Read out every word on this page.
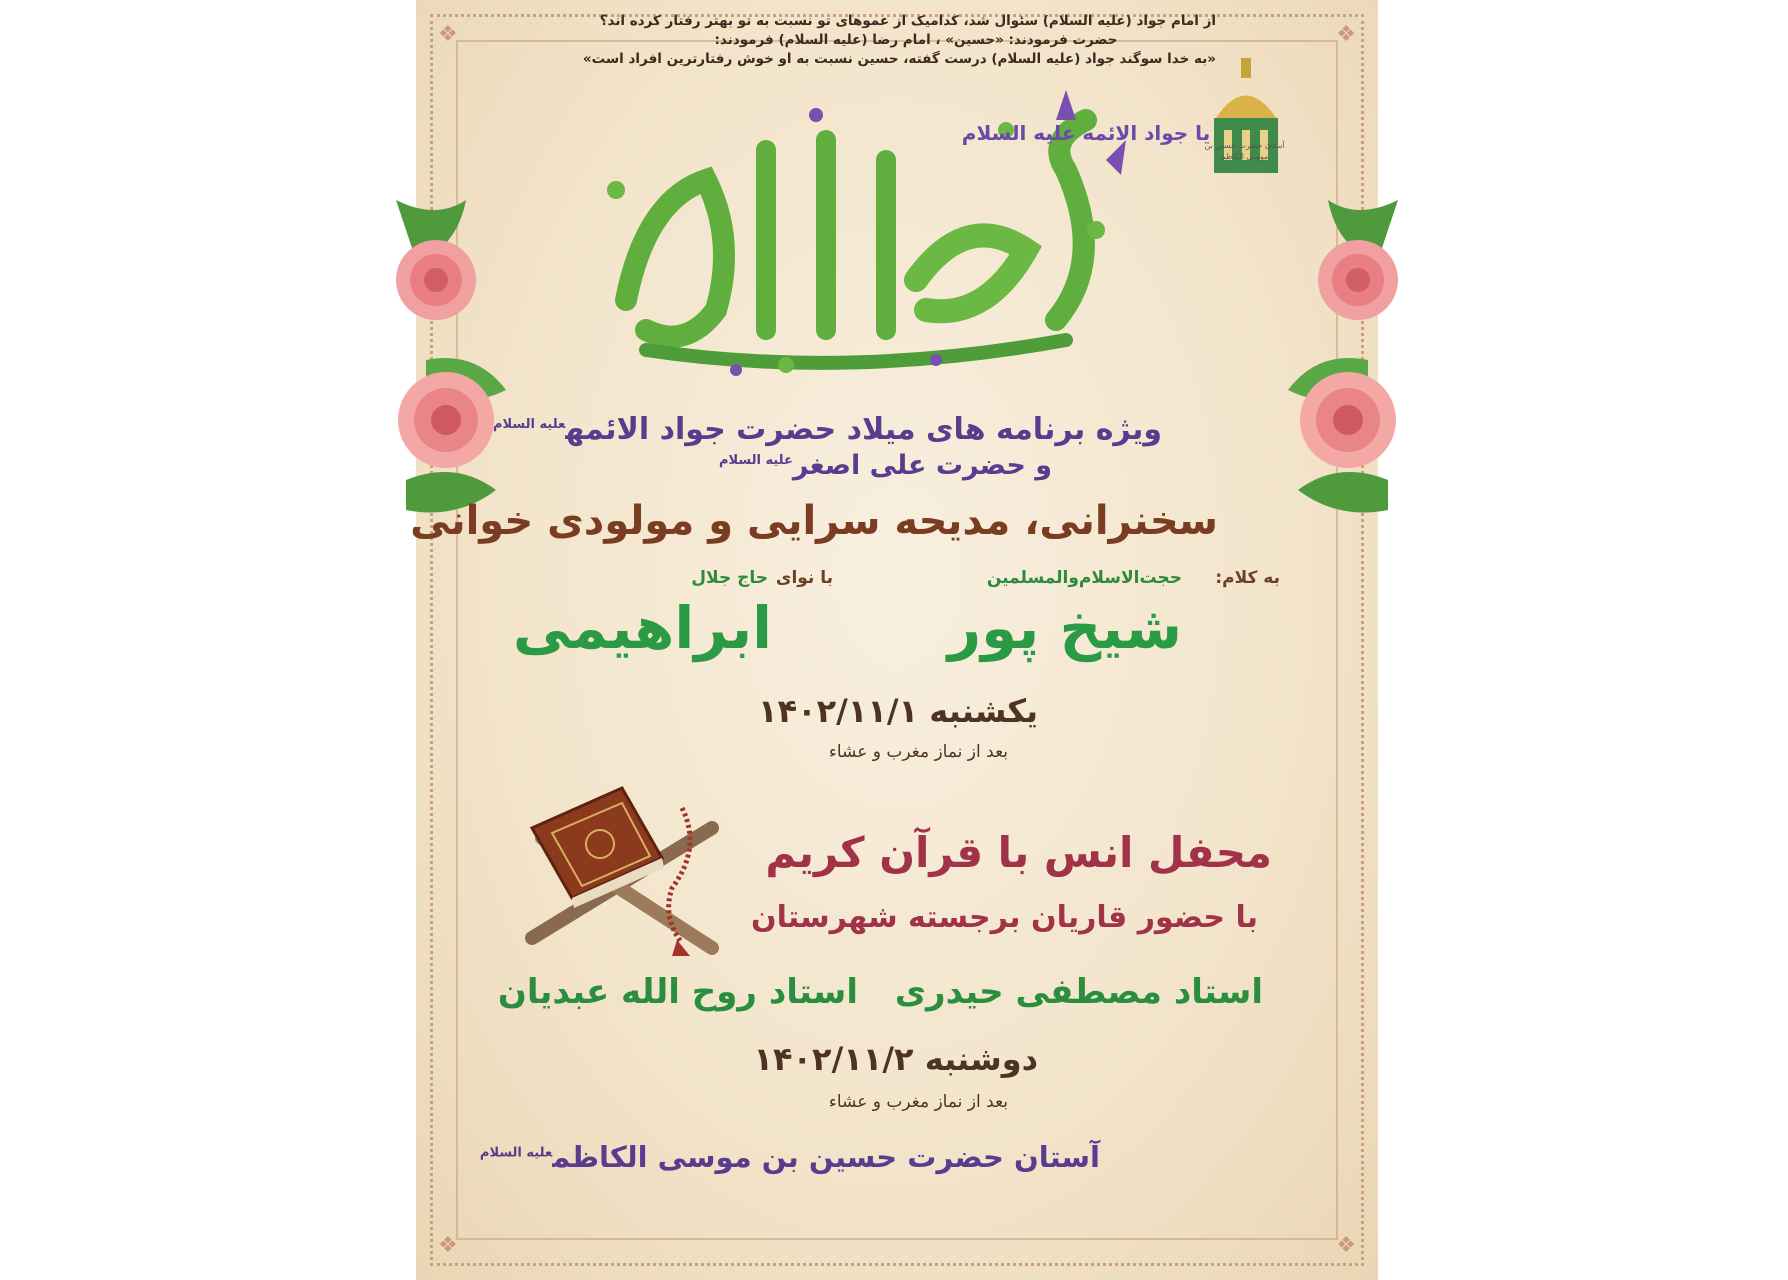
❖	❖
❖	❖
از امام جواد (علیه السلام) سئوال شد، کدامیک از عموهای تو نسبت به تو بهتر رفتار کرده اند؟
حضرت فرمودند: «حسین» ، امام رضا (علیه السلام) فرمودند:
«به خدا سوگند جواد (علیه السلام) درست گفته، حسین نسبت به او خوش رفتارترین افراد است»
آستان حضرت حسین بن موسی الکاظم
یا جواد الائمه علیه السلام
ویژه برنامه های میلاد حضرت جواد الائمه$^{علیه السلام}$
و حضرت علی اصغر$^{علیه السلام}$
سخنرانی، مدیحه سرایی و مولودی خوانی
به کلام:
حجت‌الاسلام‌والمسلمین
شیخ پور
با نوای
حاج جلال
ابراهیمی
یکشنبه ۱۴۰۲/۱۱/۱
بعد از نماز مغرب و عشاء
محفل انس با قرآن کریم
با حضور قاریان برجسته شهرستان
استاد مصطفی حیدری
استاد روح الله عبدیان
دوشنبه ۱۴۰۲/۱۱/۲
بعد از نماز مغرب و عشاء
آستان حضرت حسین بن موسی الکاظم$^{علیه السلام}$
